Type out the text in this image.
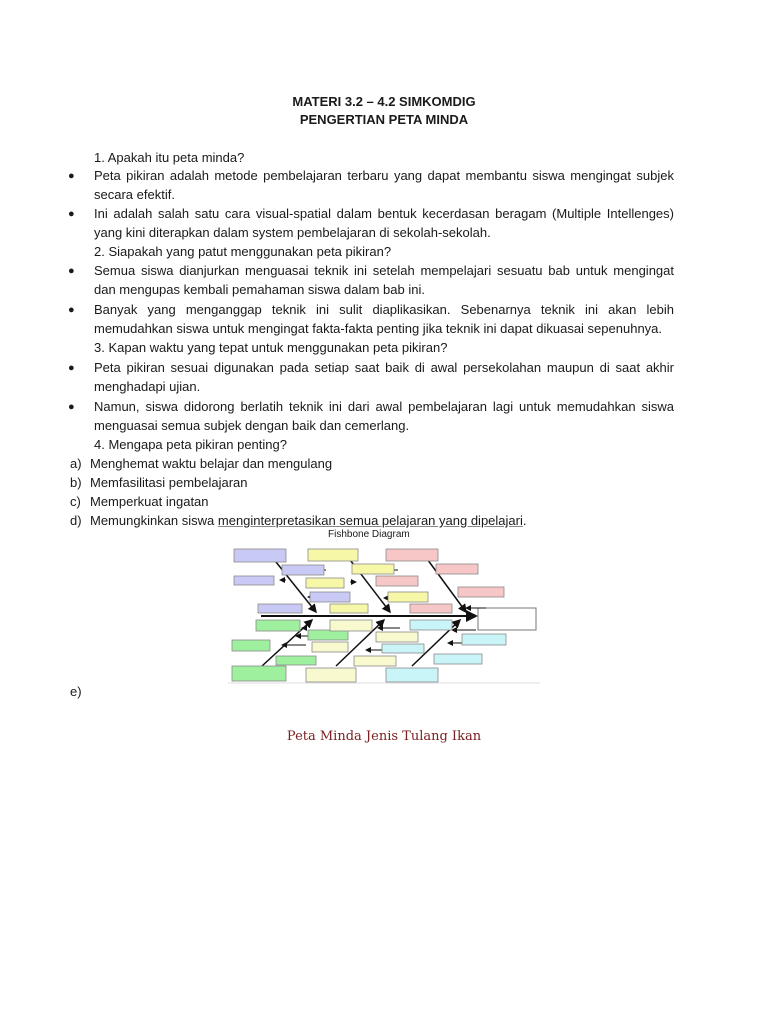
MATERI 3.2 – 4.2 SIMKOMDIG
PENGERTIAN PETA MINDA
1. Apakah itu peta minda?
● Peta pikiran adalah metode pembelajaran terbaru yang dapat membantu siswa mengingat subjek
secara efektif.
● Ini adalah salah satu cara visual-spatial dalam bentuk kecerdasan beragam (Multiple Intellenges)
yang kini diterapkan dalam system pembelajaran di sekolah-sekolah.
2. Siapakah yang patut menggunakan peta pikiran?
● Semua siswa dianjurkan menguasai teknik ini setelah mempelajari sesuatu bab untuk mengingat
dan mengupas kembali pemahaman siswa dalam bab ini.
● Banyak yang menganggap teknik ini sulit diaplikasikan. Sebenarnya teknik ini akan lebih
memudahkan siswa untuk mengingat fakta-fakta penting jika teknik ini dapat dikuasai sepenuhnya.
3. Kapan waktu yang tepat untuk menggunakan peta pikiran?
● Peta pikiran sesuai digunakan pada setiap saat baik di awal persekolahan maupun di saat akhir
menghadapi ujian.
● Namun, siswa didorong berlatih teknik ini dari awal pembelajaran lagi untuk memudahkan siswa
menguasai semua subjek dengan baik dan cemerlang.
4. Mengapa peta pikiran penting?
a) Menghemat waktu belajar dan mengulang
b) Memfasilitasi pembelajaran
c) Memperkuat ingatan
d) Memungkinkan siswa menginterpretasikan semua pelajaran yang dipelajari.
Fishbone Diagram
e)
Peta Minda Jenis Tulang Ikan
